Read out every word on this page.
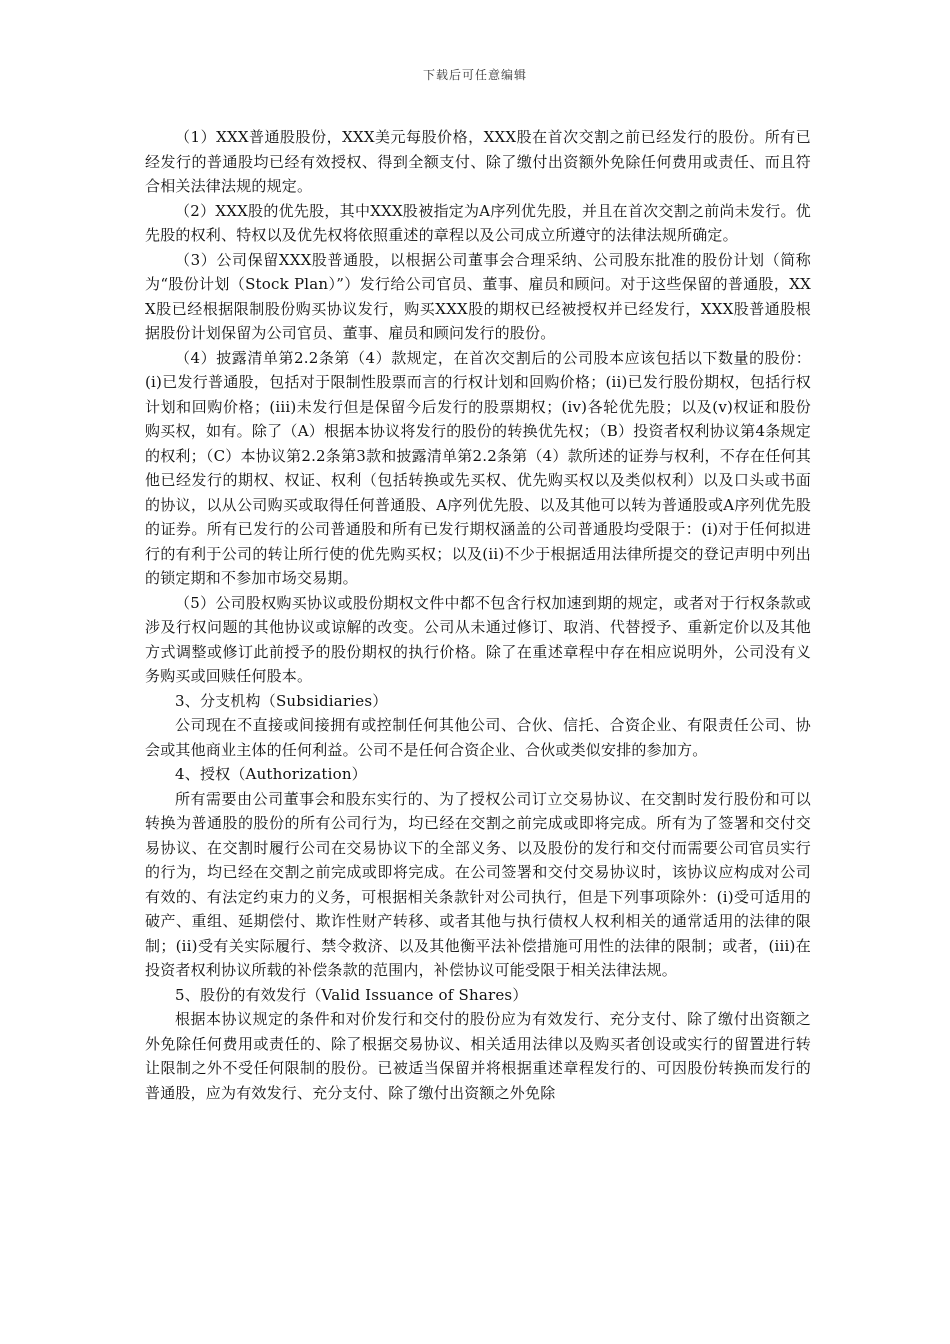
下载后可任意编辑

（1）XXX普通股股份，XXX美元每股价格，XXX股在首次交割之前已经发行的股份。所有已经发行的普通股均已经有效授权、得到全额支付、除了缴付出资额外免除任何费用或责任、而且符合相关法律法规的规定。

（2）XXX股的优先股，其中XXX股被指定为A序列优先股，并且在首次交割之前尚未发行。优先股的权利、特权以及优先权将依照重述的章程以及公司成立所遵守的法律法规所确定。

（3）公司保留XXX股普通股，以根据公司董事会合理采纳、公司股东批准的股份计划（简称为“股份计划（Stock Plan）”）发行给公司官员、董事、雇员和顾问。对于这些保留的普通股，XXX股已经根据限制股份购买协议发行，购买XXX股的期权已经被授权并已经发行，XXX股普通股根据股份计划保留为公司官员、董事、雇员和顾问发行的股份。

（4）披露清单第2.2条第（4）款规定，在首次交割后的公司股本应该包括以下数量的股份：(i)已发行普通股，包括对于限制性股票而言的行权计划和回购价格；(ii)已发行股份期权，包括行权计划和回购价格；(iii)未发行但是保留今后发行的股票期权；(iv)各轮优先股；以及(v)权证和股份购买权，如有。除了（A）根据本协议将发行的股份的转换优先权；（B）投资者权利协议第4条规定的权利；（C）本协议第2.2条第3款和披露清单第2.2条第（4）款所述的证券与权利，不存在任何其他已经发行的期权、权证、权利（包括转换或先买权、优先购买权以及类似权利）以及口头或书面的协议，以从公司购买或取得任何普通股、A序列优先股、以及其他可以转为普通股或A序列优先股的证券。所有已发行的公司普通股和所有已发行期权涵盖的公司普通股均受限于：(i)对于任何拟进行的有利于公司的转让所行使的优先购买权；以及(ii)不少于根据适用法律所提交的登记声明中列出的锁定期和不参加市场交易期。

（5）公司股权购买协议或股份期权文件中都不包含行权加速到期的规定，或者对于行权条款或涉及行权问题的其他协议或谅解的改变。公司从未通过修订、取消、代替授予、重新定价以及其他方式调整或修订此前授予的股份期权的执行价格。除了在重述章程中存在相应说明外，公司没有义务购买或回赎任何股本。

3、分支机构（Subsidiaries）

公司现在不直接或间接拥有或控制任何其他公司、合伙、信托、合资企业、有限责任公司、协会或其他商业主体的任何利益。公司不是任何合资企业、合伙或类似安排的参加方。

4、授权（Authorization）

所有需要由公司董事会和股东实行的、为了授权公司订立交易协议、在交割时发行股份和可以转换为普通股的股份的所有公司行为，均已经在交割之前完成或即将完成。所有为了签署和交付交易协议、在交割时履行公司在交易协议下的全部义务、以及股份的发行和交付而需要公司官员实行的行为，均已经在交割之前完成或即将完成。在公司签署和交付交易协议时，该协议应构成对公司有效的、有法定约束力的义务，可根据相关条款针对公司执行，但是下列事项除外：(i)受可适用的破产、重组、延期偿付、欺诈性财产转移、或者其他与执行债权人权利相关的通常适用的法律的限制；(ii)受有关实际履行、禁令救济、以及其他衡平法补偿措施可用性的法律的限制；或者，(iii)在投资者权利协议所载的补偿条款的范围内，补偿协议可能受限于相关法律法规。

5、股份的有效发行（Valid Issuance of Shares）

根据本协议规定的条件和对价发行和交付的股份应为有效发行、充分支付、除了缴付出资额之外免除任何费用或责任的、除了根据交易协议、相关适用法律以及购买者创设或实行的留置进行转让限制之外不受任何限制的股份。已被适当保留并将根据重述章程发行的、可因股份转换而发行的普通股，应为有效发行、充分支付、除了缴付出资额之外免除
